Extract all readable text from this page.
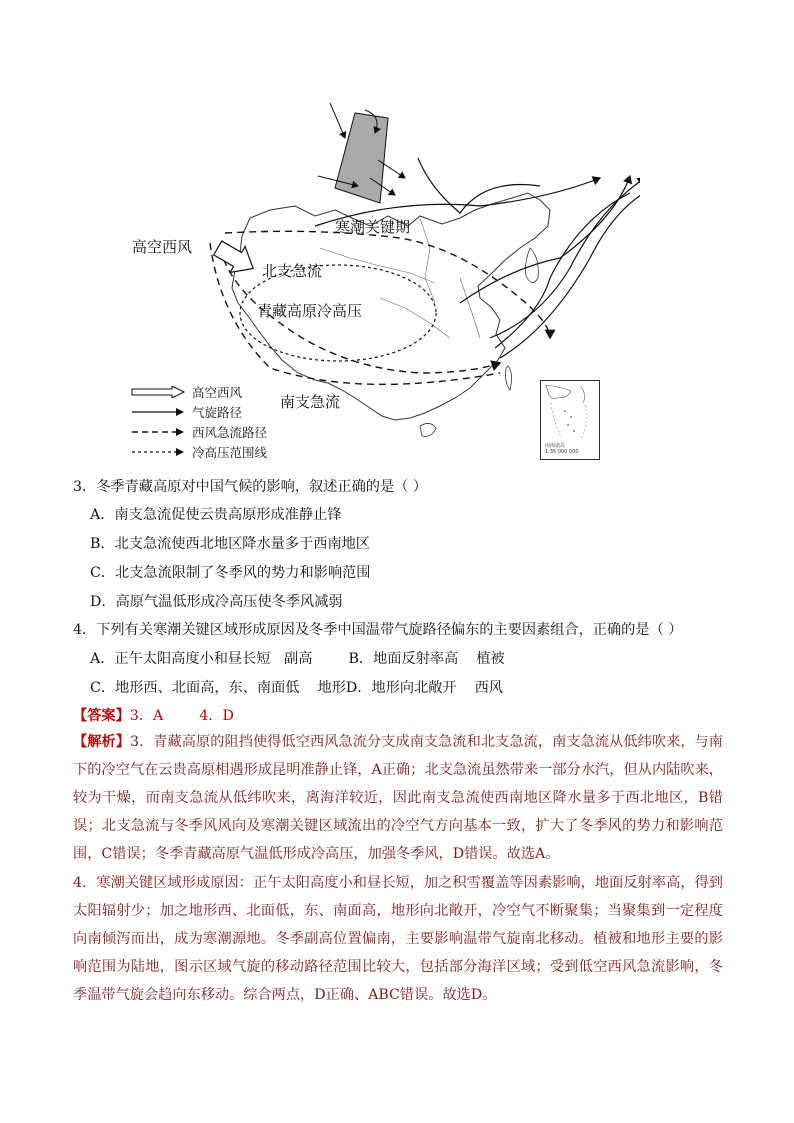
寒潮关键期
高空西风
北支急流
青藏高原冷高压
南支急流
高空西风
气旋路径
西风急流路径
冷高压范围线	南海诸岛
1:35 000 000
3．冬季青藏高原对中国气候的影响，叙述正确的是（ ）
A．南支急流促使云贵高原形成准静止锋
B．北支急流使西北地区降水量多于西南地区
C．北支急流限制了冬季风的势力和影响范围
D．高原气温低形成冷高压使冬季风减弱
4．下列有关寒潮关键区域形成原因及冬季中国温带气旋路径偏东的主要因素组合，正确的是（ ）
A．正午太阳高度小和昼长短   副高        B．地面反射率高    植被
C．地形西、北面高，东、南面低    地形D．地形向北敞开    西风
【答案】3．A        4．D
【解析】3．青藏高原的阻挡使得低空西风急流分支成南支急流和北支急流，南支急流从低纬吹来，与南下的冷空气在云贵高原相遇形成昆明准静止锋，A正确；北支急流虽然带来一部分水汽，但从内陆吹来，较为干燥，而南支急流从低纬吹来，离海洋较近，因此南支急流使西南地区降水量多于西北地区，B错误；北支急流与冬季风风向及寒潮关键区域流出的冷空气方向基本一致，扩大了冬季风的势力和影响范围，C错误；冬季青藏高原气温低形成冷高压，加强冬季风，D错误。故选A。
4．寒潮关键区域形成原因：正午太阳高度小和昼长短，加之积雪覆盖等因素影响，地面反射率高，得到太阳辐射少；加之地形西、北面低，东、南面高，地形向北敞开，冷空气不断聚集；当聚集到一定程度向南倾泻而出，成为寒潮源地。冬季副高位置偏南，主要影响温带气旋南北移动。植被和地形主要的影响范围为陆地，图示区域气旋的移动路径范围比较大，包括部分海洋区域；受到低空西风急流影响，冬季温带气旋会趋向东移动。综合两点，D正确、ABC错误。故选D。
